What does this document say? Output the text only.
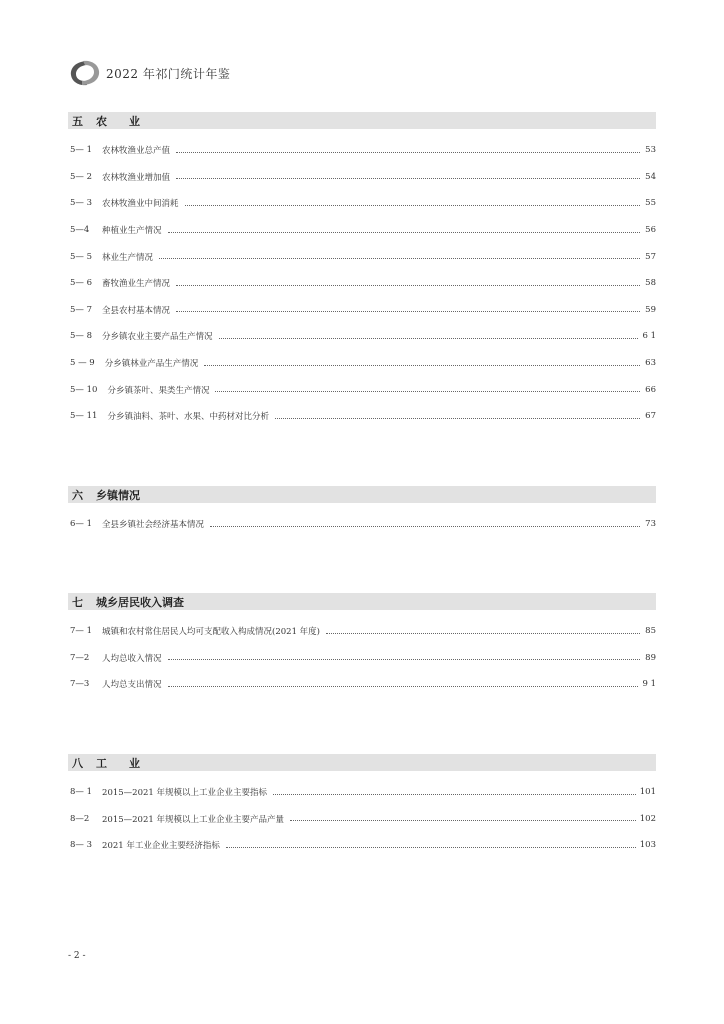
2022 年祁门统计年鉴
五	农　　业
5— 1 农林牧渔业总产值	53
5— 2 农林牧渔业增加值	54
5— 3 农林牧渔业中间消耗	55
5—4	种植业生产情况	56
5— 5 林业生产情况	57
5— 6 畜牧渔业生产情况	58
5— 7 全县农村基本情况	59
5— 8 分乡镇农业主要产品生产情况	6 1
5 — 9 分乡镇林业产品生产情况	63
5— 10 分乡镇茶叶、果类生产情况	66
5— 11 分乡镇油料、茶叶、水果、中药材对比分析	67
六	乡镇情况
6— 1 全县乡镇社会经济基本情况	73
七	城乡居民收入调查
7— 1 城镇和农村常住居民人均可支配收入构成情况(2021 年度)	85
7—2	人均总收入情况	89
7—3	人均总支出情况	9 1
八	工　　业
8— 1 2015—2021 年规模以上工业企业主要指标	101
8—2	2015—2021 年规模以上工业企业主要产品产量	102
8— 3 2021 年工业企业主要经济指标	103
- 2 -
